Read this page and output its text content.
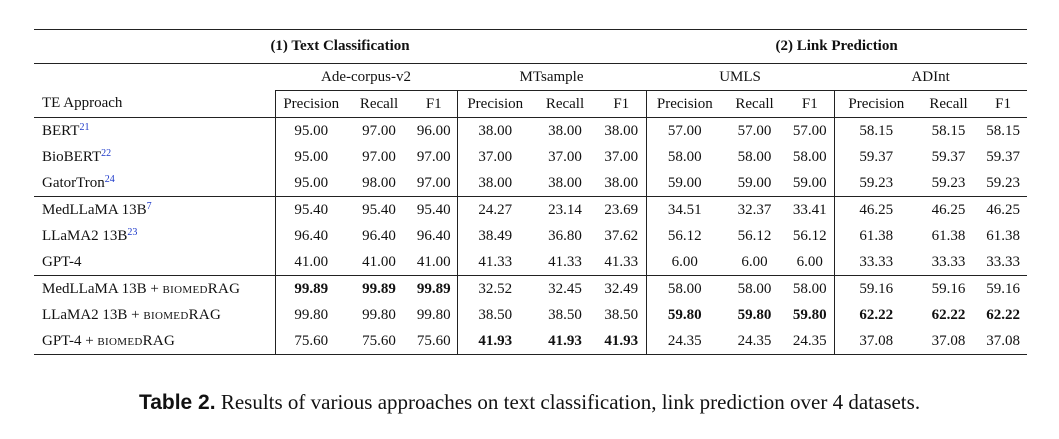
(1) Text Classification							(2) Link Prediction					
	Ade-corpus-v2			MTsample			UMLS			ADInt		
TE Approach	Precision	Recall	F1	Precision	Recall	F1	Precision	Recall	F1	Precision	Recall	F1
BERT$^{21}$	95.00	97.00	96.00	38.00	38.00	38.00	57.00	57.00	57.00	58.15	58.15	58.15
BioBERT$^{22}$	95.00	97.00	97.00	37.00	37.00	37.00	58.00	58.00	58.00	59.37	59.37	59.37
GatorTron$^{24}$	95.00	98.00	97.00	38.00	38.00	38.00	59.00	59.00	59.00	59.23	59.23	59.23
MedLLaMA $13B^7$	95.40	95.40	95.40	24.27	23.14	23.69	34.51	32.37	33.41	46.25	46.25	46.25
LLaMA2 $13B^{23}$	96.40	96.40	96.40	38.49	36.80	37.62	56.12	56.12	56.12	61.38	61.38	61.38
GPT-4	41.00	41.00	41.00	41.33	41.33	41.33	6.00	6.00	6.00	33.33	33.33	33.33
MedLLaMA 13B + biomedRAG	99.89	99.89	99.89	32.52	32.45	32.49	58.00	58.00	58.00	59.16	59.16	59.16
LLaMA2 13B + biomedRAG	99.80	99.80	99.80	38.50	38.50	38.50	59.80	59.80	59.80	62.22	62.22	62.22
GPT-4 + biomedRAG	75.60	75.60	75.60	41.93	41.93	41.93	24.35	24.35	24.35	37.08	37.08	37.08
Table 2. Results of various approaches on text classification, link prediction over 4 datasets.
